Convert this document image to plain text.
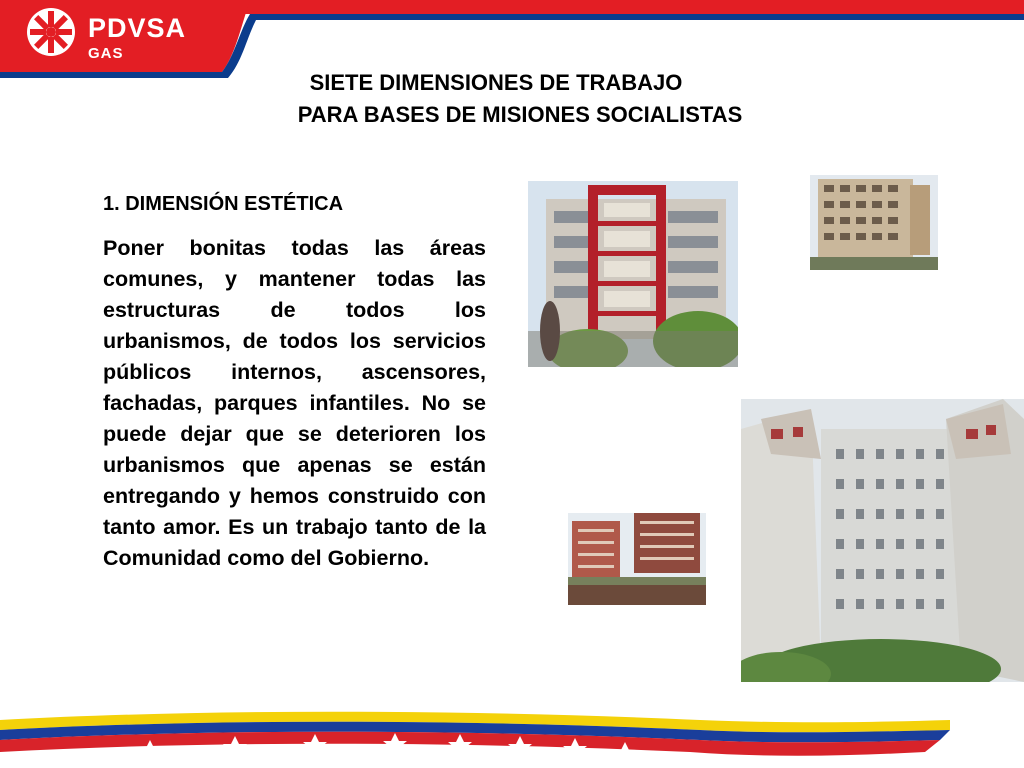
PDVSA
GAS
SIETE DIMENSIONES DE TRABAJO
PARA BASES DE MISIONES SOCIALISTAS
1. DIMENSIÓN ESTÉTICA

Poner bonitas todas las áreas comunes, y mantener todas las estructuras de todos los urbanismos, de todos los servicios públicos internos, ascensores, fachadas, parques infantiles. No se puede dejar que se deterioren los urbanismos que apenas se están entregando y hemos construido con tanto amor. Es un trabajo tanto de la Comunidad como del Gobierno.
